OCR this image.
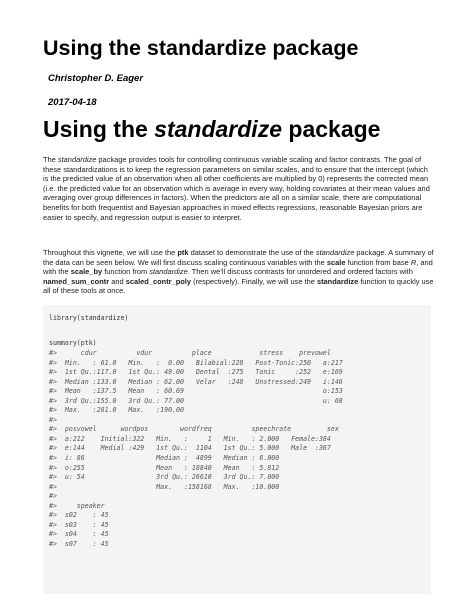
Using the standardize package

Christopher D. Eager

2017-04-18

Using the standardize package

The standardize package provides tools for controlling continuous variable scaling and factor contrasts. The goal of these standardizations is to keep the regression parameters on similar scales, and to ensure that the intercept (which is the predicted value of an observation when all other coefficients are multiplied by 0) represents the corrected mean (i.e. the predicted value for an observation which is average in every way, holding covariates at their mean values and averaging over group differences in factors). When the predictors are all on a similar scale, there are computational benefits for both frequentist and Bayesian approaches in mixed effects regressions, reasonable Bayesian priors are easier to specify, and regression output is easier to interpret.

Throughout this vignette, we will use the ptk dataset to demonstrate the use of the standardize package. A summary of the data can be seen below. We will first discuss scaling continuous variables with the scale function from base R, and with the scale_by function from standardize. Then we’ll discuss contrasts for unordered and ordered factors with named_sum_contr and scaled_contr_poly (respectively). Finally, we will use the standardize function to quickly use all of these tools at once.

library(standardize)
summary(ptk)
#>      cdur          vdur          place            stress    prevowel
#>  Min.   : 61.0   Min.   :  0.00   Bilabial:228   Post-Tonic:250   a:217
#>  1st Qu.:117.0   1st Qu.: 49.00   Dental  :275   Tonic     :252   e:169
#>  Median :133.0   Median : 62.00   Velar   :248   Unstressed:249   i:146
#>  Mean   :137.5   Mean   : 60.69                                   o:153
#>  3rd Qu.:155.0   3rd Qu.: 77.00                                   u: 68
#>  Max.   :281.0   Max.   :190.00
#>
#>  posvowel      wordpos        wordfreq          speechrate         sex
#>  a:212    Initial:322   Min.   :     1   Min.   : 2.000   Female:384
#>  e:144    Medial :429   1st Qu.:  1104   1st Qu.: 5.000   Male  :367
#>  i: 86                  Median :  4899   Median : 6.000
#>  o:255                  Mean   : 18840   Mean   : 5.812
#>  u: 54                  3rd Qu.: 26610   3rd Qu.: 7.000
#>                         Max.   :158168   Max.   :10.000
#>
#>     speaker
#>  s02    : 45
#>  s03    : 45
#>  s04    : 45
#>  s07    : 45
